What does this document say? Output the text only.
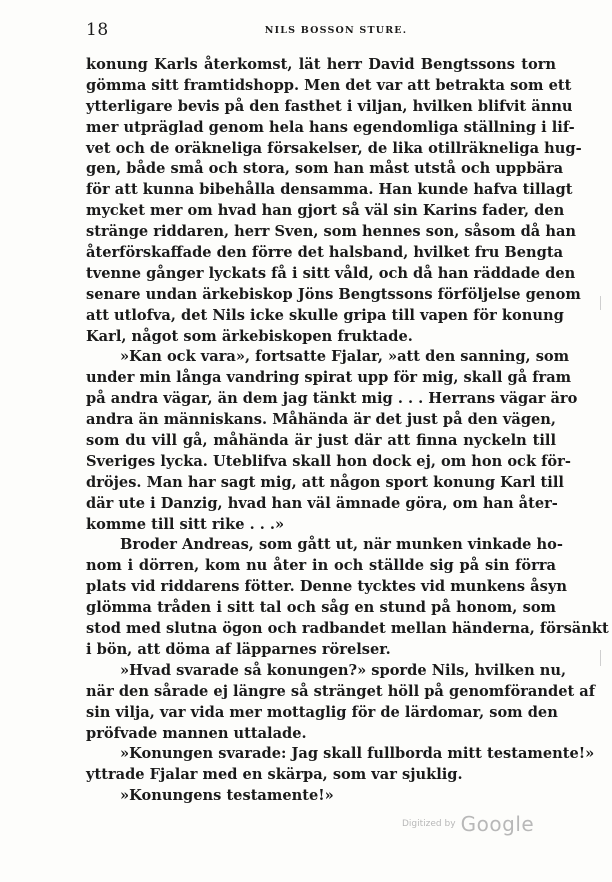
18	NILS BOSSON STURE.
konung Karls återkomst, lät herr David Bengtssons torn
gömma sitt framtidshopp. Men det var att betrakta som ett
ytterligare bevis på den fasthet i viljan, hvilken blifvit ännu
mer utpräglad genom hela hans egendomliga ställning i lif-
vet och de oräkneliga försakelser, de lika otillräkneliga hug-
gen, både små och stora, som han måst utstå och uppbära
för att kunna bibehålla densamma. Han kunde hafva tillagt
mycket mer om hvad han gjort så väl sin Karins fader, den
stränge riddaren, herr Sven, som hennes son, såsom då han
återförskaffade den förre det halsband, hvilket fru Bengta
tvenne gånger lyckats få i sitt våld, och då han räddade den
senare undan ärkebiskop Jöns Bengtssons förföljelse genom
att utlofva, det Nils icke skulle gripa till vapen för konung
Karl, något som ärkebiskopen fruktade.
»Kan ock vara», fortsatte Fjalar, »att den sanning, som
under min långa vandring spirat upp för mig, skall gå fram
på andra vägar, än dem jag tänkt mig . . . Herrans vägar äro
andra än människans. Måhända är det just på den vägen,
som du vill gå, måhända är just där att finna nyckeln till
Sveriges lycka. Uteblifva skall hon dock ej, om hon ock för-
dröjes. Man har sagt mig, att någon sport konung Karl till
där ute i Danzig, hvad han väl ämnade göra, om han åter-
komme till sitt rike . . .»
Broder Andreas, som gått ut, när munken vinkade ho-
nom i dörren, kom nu åter in och ställde sig på sin förra
plats vid riddarens fötter. Denne tycktes vid munkens åsyn
glömma tråden i sitt tal och såg en stund på honom, som
stod med slutna ögon och radbandet mellan händerna, försänkt
i bön, att döma af läpparnes rörelser.
»Hvad svarade så konungen?» sporde Nils, hvilken nu,
när den sårade ej längre så stränget höll på genomförandet af
sin vilja, var vida mer mottaglig för de lärdomar, som den
pröfvade mannen uttalade.
»Konungen svarade: Jag skall fullborda mitt testamente!»
yttrade Fjalar med en skärpa, som var sjuklig.
»Konungens testamente!»
Digitized by Google
